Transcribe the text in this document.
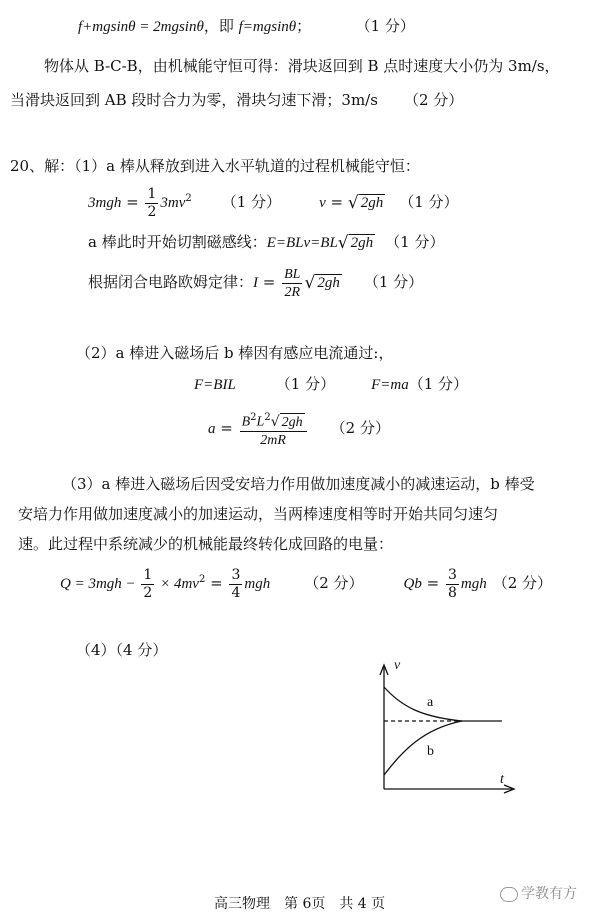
f+mgsinθ = 2mgsinθ，即 f=mgsinθ；	（1 分）
物体从 B-C-B，由机械能守恒可得：滑块返回到 B 点时速度大小仍为 3m/s，
当滑块返回到 AB 段时合力为零，滑块匀速下滑；3m/s （2 分）
20、解：（1）a 棒从释放到进入水平轨道的过程机械能守恒：
$3mgh = \frac{1}{2} 3mv^2$ （1 分）	v = √ 2gh （1 分）
a 棒此时开始切割磁感线：E=BLv=BL √ 2gh （1 分）
根据闭合电路欧姆定律：$I = \frac{BL}{2R}$ √ 2gh （1 分）
（2）a 棒进入磁场后 b 棒因有感应电流通过:，
F=BIL	（1 分） F=ma（1 分）
$a = \frac{B^2L^2 √ 2gh}{2mR} (2$ 分）
（3）a 棒进入磁场后因受安培力作用做加速度减小的减速运动，b 棒受
安培力作用做加速度减小的加速运动，当两棒速度相等时开始共同匀速匀
速。此过程中系统减少的机械能最终转化成回路的电量：
$Q = 3mgh - \frac{1}{2} \times 4mv^2 = \frac{3}{4}$ mgh （2 分）	$Qb = \frac{3}{8}$ mgh （2 分）
（4）（4 分）
v
t
a
b
高三物理　第 6页　共 4 页
学教有方
